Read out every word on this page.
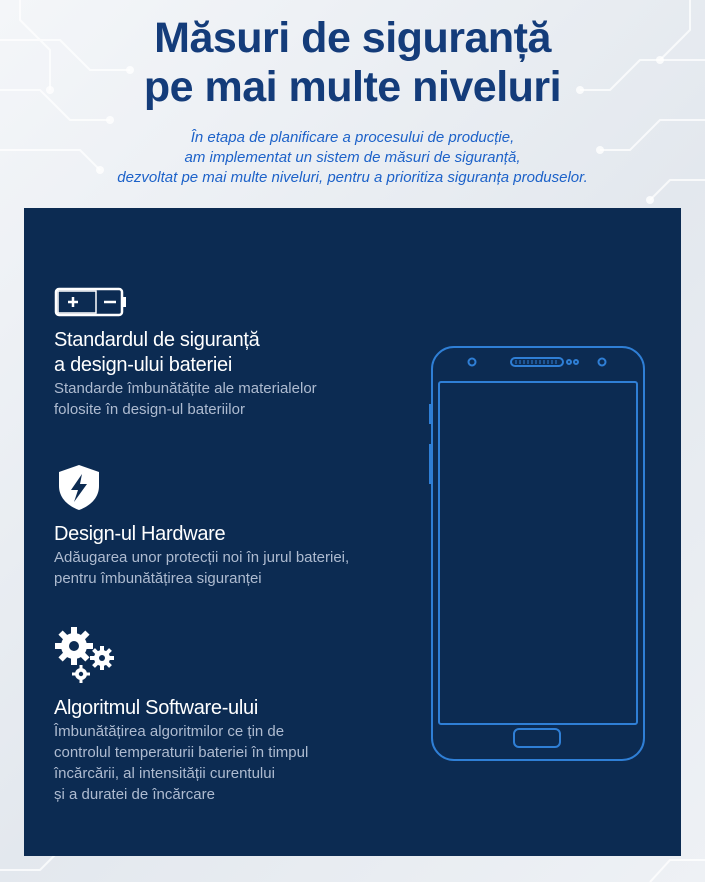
Măsuri de siguranță
pe mai multe niveluri
În etapa de planificare a procesului de producție,
am implementat un sistem de măsuri de siguranță,
dezvoltat pe mai multe niveluri, pentru a prioritiza siguranța produselor.
Standardul de siguranță
a design-ului bateriei
Standarde îmbunătățite ale materialelor
folosite în design-ul bateriilor
Design-ul Hardware
Adăugarea unor protecții noi în jurul bateriei,
pentru îmbunătățirea siguranței
Algoritmul Software-ului
Îmbunătățirea algoritmilor ce țin de
controlul temperaturii bateriei în timpul
încărcării, al intensității curentului
și a duratei de încărcare
